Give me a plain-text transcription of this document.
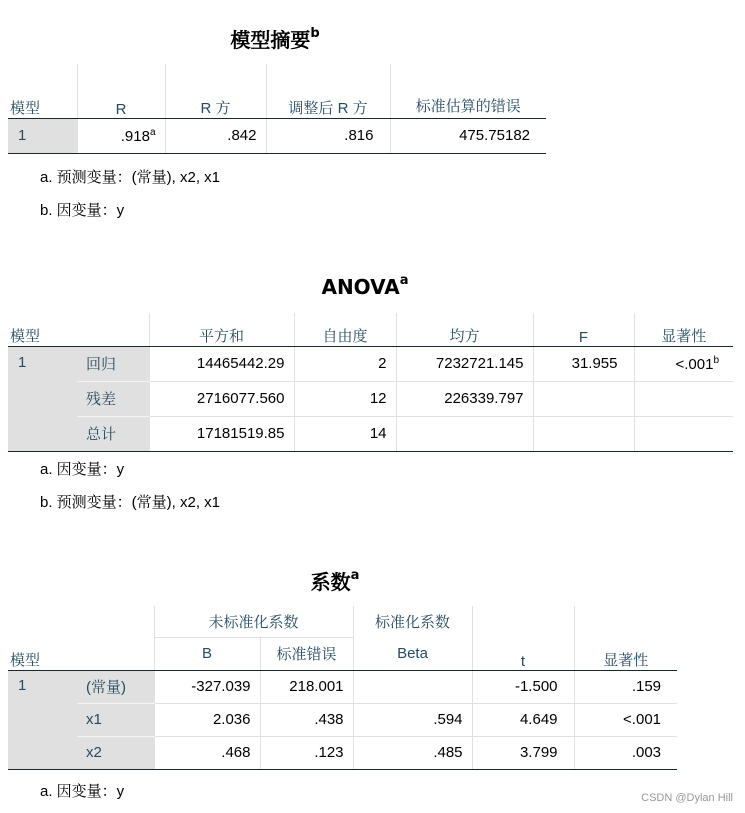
模型摘要$^b$
模型	R	R 方	调整后 R 方	标准估算的错误
1	.918$^a$	.842	.816	475.75182
a. 预测变量：(常量), x2, x1
b. 因变量：y
ANOVA$^a$
模型		平方和	自由度	均方	F	显著性
1	回归	14465442.29	2	7232721.145	31.955	<.001$^b$
	残差	2716077.560	12	226339.797		
	总计	17181519.85	14			
a. 因变量：y
b. 预测变量：(常量), x2, x1
系数$^a$
		未标准化系数		标准化系数		
模型		B	标准错误	Beta	t	显著性
1	(常量)	-327.039	218.001		-1.500	.159
	x1	2.036	.438	.594	4.649	<.001
	x2	.468	.123	.485	3.799	.003
a. 因变量：y	CSDN @Dylan Hill
